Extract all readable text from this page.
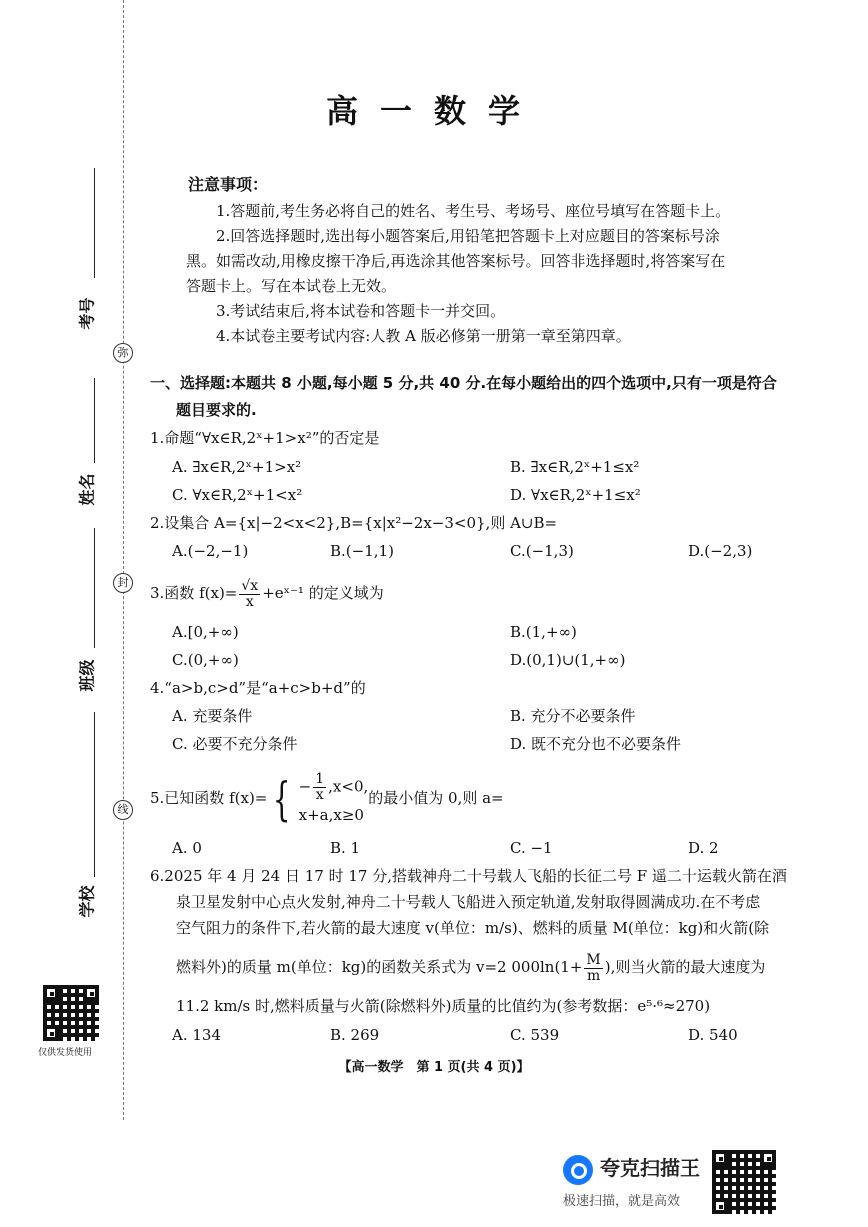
考号
姓名
班级
学校
弥
封
线
仅供发货使用
高一数学
注意事项：
1.答题前,考生务必将自己的姓名、考生号、考场号、座位号填写在答题卡上。
2.回答选择题时,选出每小题答案后,用铅笔把答题卡上对应题目的答案标号涂
黑。如需改动,用橡皮擦干净后,再选涂其他答案标号。回答非选择题时,将答案写在
答题卡上。写在本试卷上无效。
3.考试结束后,将本试卷和答题卡一并交回。
4.本试卷主要考试内容:人教 A 版必修第一册第一章至第四章。
一、选择题:本题共 8 小题,每小题 5 分,共 40 分.在每小题给出的四个选项中,只有一项是符合
题目要求的.
1.命题“∀x∈R,2ˣ+1>x²”的否定是
A. ∃x∈R,2ˣ+1>x²	B. ∃x∈R,2ˣ+1≤x²
C. ∀x∈R,2ˣ+1<x²	D. ∀x∈R,2ˣ+1≤x²
2.设集合 A={x|−2<x<2},B={x|x²−2x−3<0},则 A∪B=
A.(−2,−1)	B.(−1,1)	C.(−1,3)	D.(−2,3)
3.函数 $f(x)= \frac{√x}{x}$ +eˣ⁻¹ 的定义域为
A.[0,+∞)	B.(1,+∞)
C.(0,+∞)	D.(0,1)∪(1,+∞)
4.“a>b,c>d”是“a+c>b+d”的
A. 充要条件	B. 充分不必要条件
C. 必要不充分条件	D. 既不充分也不必要条件
5.已知函数 f(x)= { − $\frac{1}{x} ,x<0$,
x+a,x≥0
的最小值为 0,则 a=
A. 0	B. 1	C. −1	D. 2
6.2025 年 4 月 24 日 17 时 17 分,搭载神舟二十号载人飞船的长征二号 F 遥二十运载火箭在酒
泉卫星发射中心点火发射,神舟二十号载人飞船进入预定轨道,发射取得圆满成功.在不考虑
空气阻力的条件下,若火箭的最大速度 v(单位：m/s)、燃料的质量 M(单位：kg)和火箭(除
燃料外)的质量 m(单位：kg)的函数关系式为 v=2 $000\ln(1+ \frac{M}{m}$ ),则当火箭的最大速度为
11.2 km/s 时,燃料质量与火箭(除燃料外)质量的比值约为(参考数据：e⁵·⁶≈270)
A. 134	B. 269	C. 539	D. 540
【高一数学　第 1 页(共 4 页)】
夸克扫描王
极速扫描，就是高效
